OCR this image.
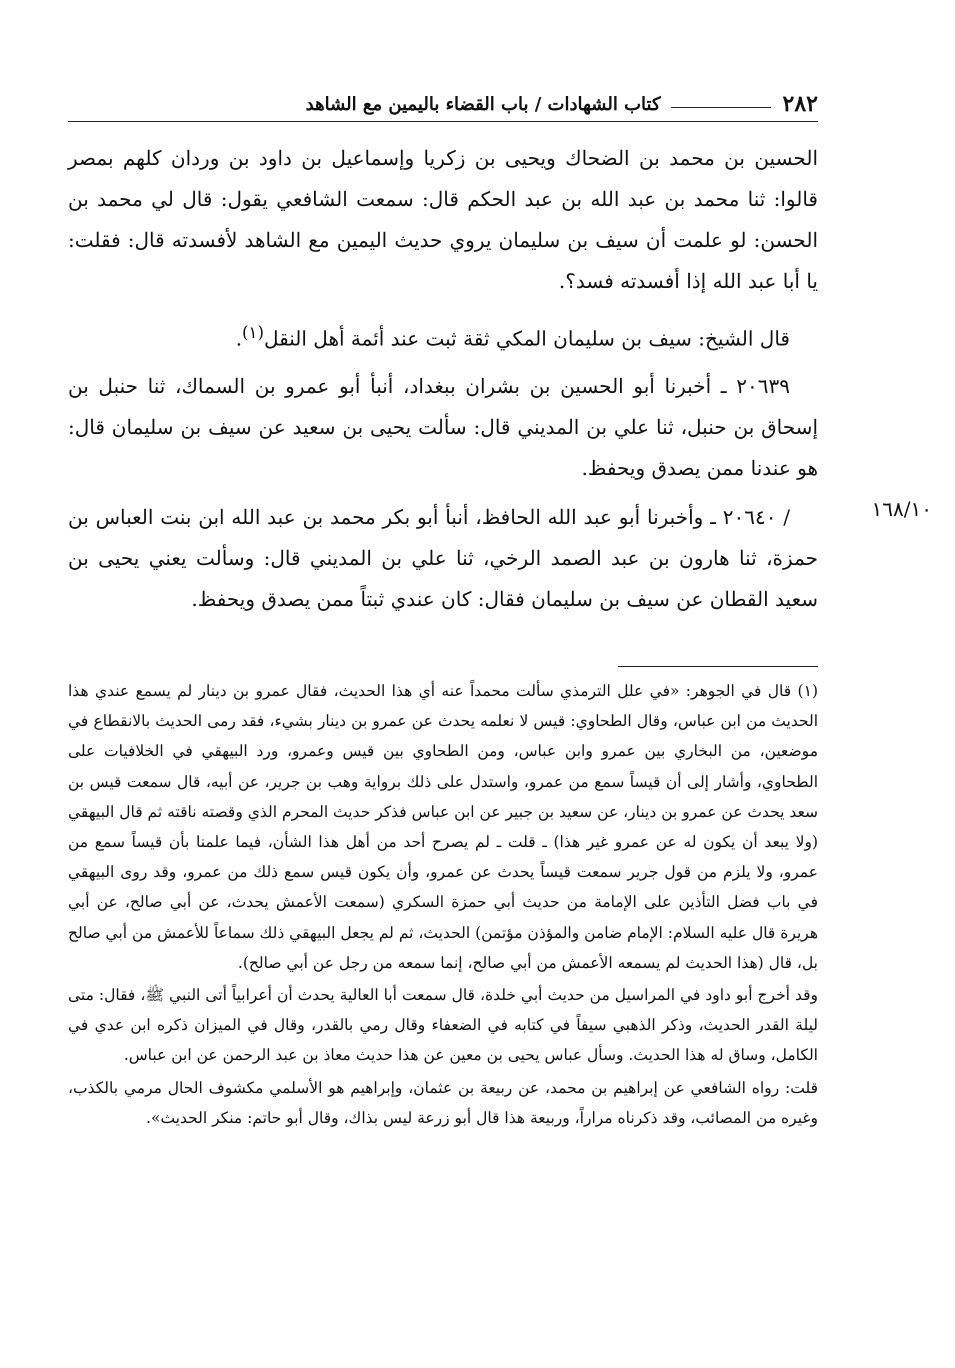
٢٨٢
كتاب الشهادات / باب القضاء باليمين مع الشاهد
١٦٨/١٠

الحسين بن محمد بن الضحاك ويحيى بن زكريا وإسماعيل بن داود بن وردان كلهم بمصر قالوا: ثنا محمد بن عبد الله بن عبد الحكم قال: سمعت الشافعي يقول: قال لي محمد بن الحسن: لو علمت أن سيف بن سليمان يروي حديث اليمين مع الشاهد لأفسدته قال: فقلت: يا أبا عبد الله إذا أفسدته فسد؟.

قال الشيخ: سيف بن سليمان المكي ثقة ثبت عند أئمة أهل النقل$^{(١)}$.

٢٠٦٣٩ ـ أخبرنا أبو الحسين بن بشران ببغداد، أنبأ أبو عمرو بن السماك، ثنا حنبل بن إسحاق بن حنبل، ثنا علي بن المديني قال: سألت يحيى بن سعيد عن سيف بن سليمان قال: هو عندنا ممن يصدق ويحفظ.

/ ٢٠٦٤٠ ـ وأخبرنا أبو عبد الله الحافظ، أنبأ أبو بكر محمد بن عبد الله ابن بنت العباس بن حمزة، ثنا هارون بن عبد الصمد الرخي، ثنا علي بن المديني قال: وسألت يعني يحيى بن سعيد القطان عن سيف بن سليمان فقال: كان عندي ثبتاً ممن يصدق ويحفظ.

(١) قال في الجوهر: «في علل الترمذي سألت محمداً عنه أي هذا الحديث، فقال عمرو بن دينار لم يسمع عندي هذا الحديث من ابن عباس، وقال الطحاوي: قيس لا نعلمه يحدث عن عمرو بن دينار بشيء، فقد رمى الحديث بالانقطاع في موضعين، من البخاري بين عمرو وابن عباس، ومن الطحاوي بين قيس وعمرو، ورد البيهقي في الخلافيات على الطحاوي، وأشار إلى أن قيساً سمع من عمرو، واستدل على ذلك برواية وهب بن جرير، عن أبيه، قال سمعت قيس بن سعد يحدث عن عمرو بن دينار، عن سعيد بن جبير عن ابن عباس فذكر حديث المحرم الذي وقصته ناقته ثم قال البيهقي (ولا يبعد أن يكون له عن عمرو غير هذا) ـ قلت ـ لم يصرح أحد من أهل هذا الشأن، فيما علمنا بأن قيساً سمع من عمرو، ولا يلزم من قول جرير سمعت قيساً يحدث عن عمرو، وأن يكون قيس سمع ذلك من عمرو، وقد روى البيهقي في باب فضل التأذين على الإمامة من حديث أبي حمزة السكري (سمعت الأعمش يحدث، عن أبي صالح، عن أبي هريرة قال عليه السلام: الإمام ضامن والمؤذن مؤتمن) الحديث، ثم لم يجعل البيهقي ذلك سماعاً للأعمش من أبي صالح بل، قال (هذا الحديث لم يسمعه الأعمش من أبي صالح، إنما سمعه من رجل عن أبي صالح).

وقد أخرج أبو داود في المراسيل من حديث أبي خلدة، قال سمعت أبا العالية يحدث أن أعرابياً أتى النبي ﷺ، فقال: متى ليلة القدر الحديث، وذكر الذهبي سيفاً في كتابه في الضعفاء وقال رمي بالقدر، وقال في الميزان ذكره ابن عدي في الكامل، وساق له هذا الحديث. وسأل عباس يحيى بن معين عن هذا حديث معاذ بن عبد الرحمن عن ابن عباس.

قلت: رواه الشافعي عن إبراهيم بن محمد، عن ربيعة بن عثمان، وإبراهيم هو الأسلمي مكشوف الحال مرمي بالكذب، وغيره من المصائب، وقد ذكرناه مراراً، وربيعة هذا قال أبو زرعة ليس بذاك، وقال أبو حاتم: منكر الحديث».
